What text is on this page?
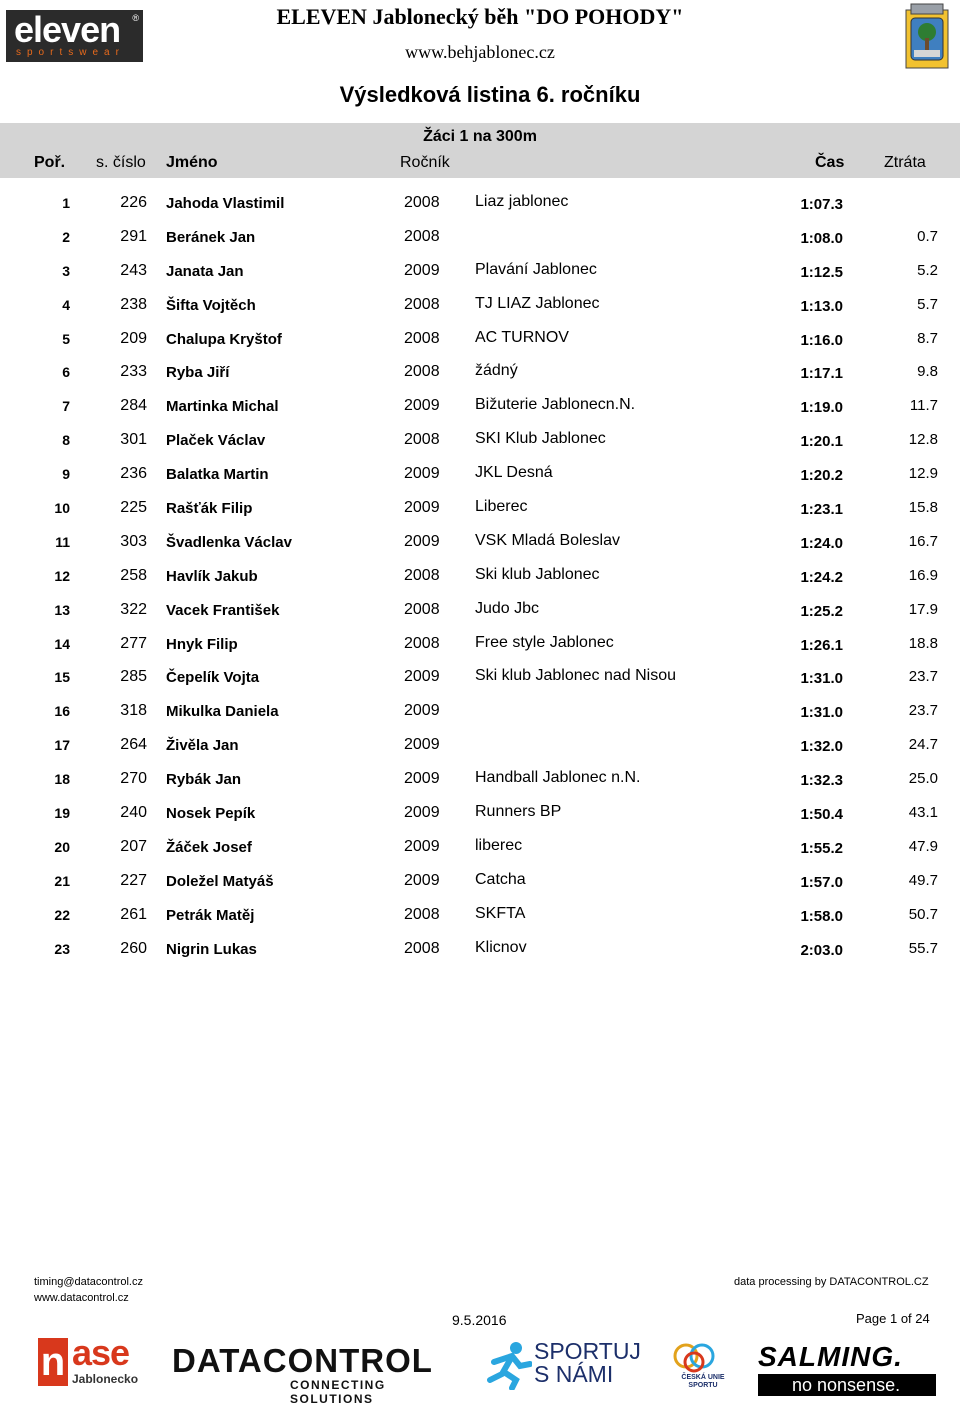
eleven
sportswear
®	ELEVEN Jablonecký běh "DO POHODY"
www.behjablonec.cz
Výsledková listina 6. ročníku
Žáci 1 na 300m
Poř. s. číslo Jméno	Ročník	Čas Ztráta
1	226 Jahoda Vlastimil	2008 Liaz jablonec	1:07.3
2	291 Beránek Jan	2008	1:08.0	0.7
3	243 Janata Jan	2009 Plavání Jablonec	1:12.5	5.2
4	238 Šifta Vojtěch	2008 TJ LIAZ Jablonec	1:13.0	5.7
5	209 Chalupa Kryštof	2008 AC TURNOV	1:16.0	8.7
6	233 Ryba Jiří	2008 žádný	1:17.1	9.8
7	284 Martinka Michal	2009 Bižuterie Jablonecn.N.	1:19.0	11.7
8	301 Plaček Václav	2008 SKI Klub Jablonec	1:20.1	12.8
9	236 Balatka Martin	2009 JKL Desná	1:20.2	12.9
10	225 Rašťák Filip	2009 Liberec	1:23.1	15.8
11	303 Švadlenka Václav	2009 VSK Mladá Boleslav	1:24.0	16.7
12	258 Havlík Jakub	2008 Ski klub Jablonec	1:24.2	16.9
13	322 Vacek František	2008 Judo Jbc	1:25.2	17.9
14	277 Hnyk Filip	2008 Free style Jablonec	1:26.1	18.8
15	285 Čepelík Vojta	2009 Ski klub Jablonec nad Nisou	1:31.0	23.7
16	318 Mikulka Daniela	2009	1:31.0	23.7
17	264 Živěla Jan	2009	1:32.0	24.7
18	270 Rybák Jan	2009 Handball Jablonec n.N.	1:32.3	25.0
19	240 Nosek Pepík	2009 Runners BP	1:50.4	43.1
20	207 Žáček Josef	2009 liberec	1:55.2	47.9
21	227 Doležel Matyáš	2009 Catcha	1:57.0	49.7
22	261 Petrák Matěj	2008 SKFTA	1:58.0	50.7
23	260 Nigrin Lukas	2008 Klicnov	2:03.0	55.7
timing@datacontrol.cz
www.datacontrol.cz
data processing by DATACONTROL.CZ
9.5.2016	Page 1 of 24
n ase
Jablonecko DATACONTROL
CONNECTING SOLUTIONS
SPORTUJ
S NÁMI	ČESKÁ UNIE SPORTU
SALMING.
no nonsense.
